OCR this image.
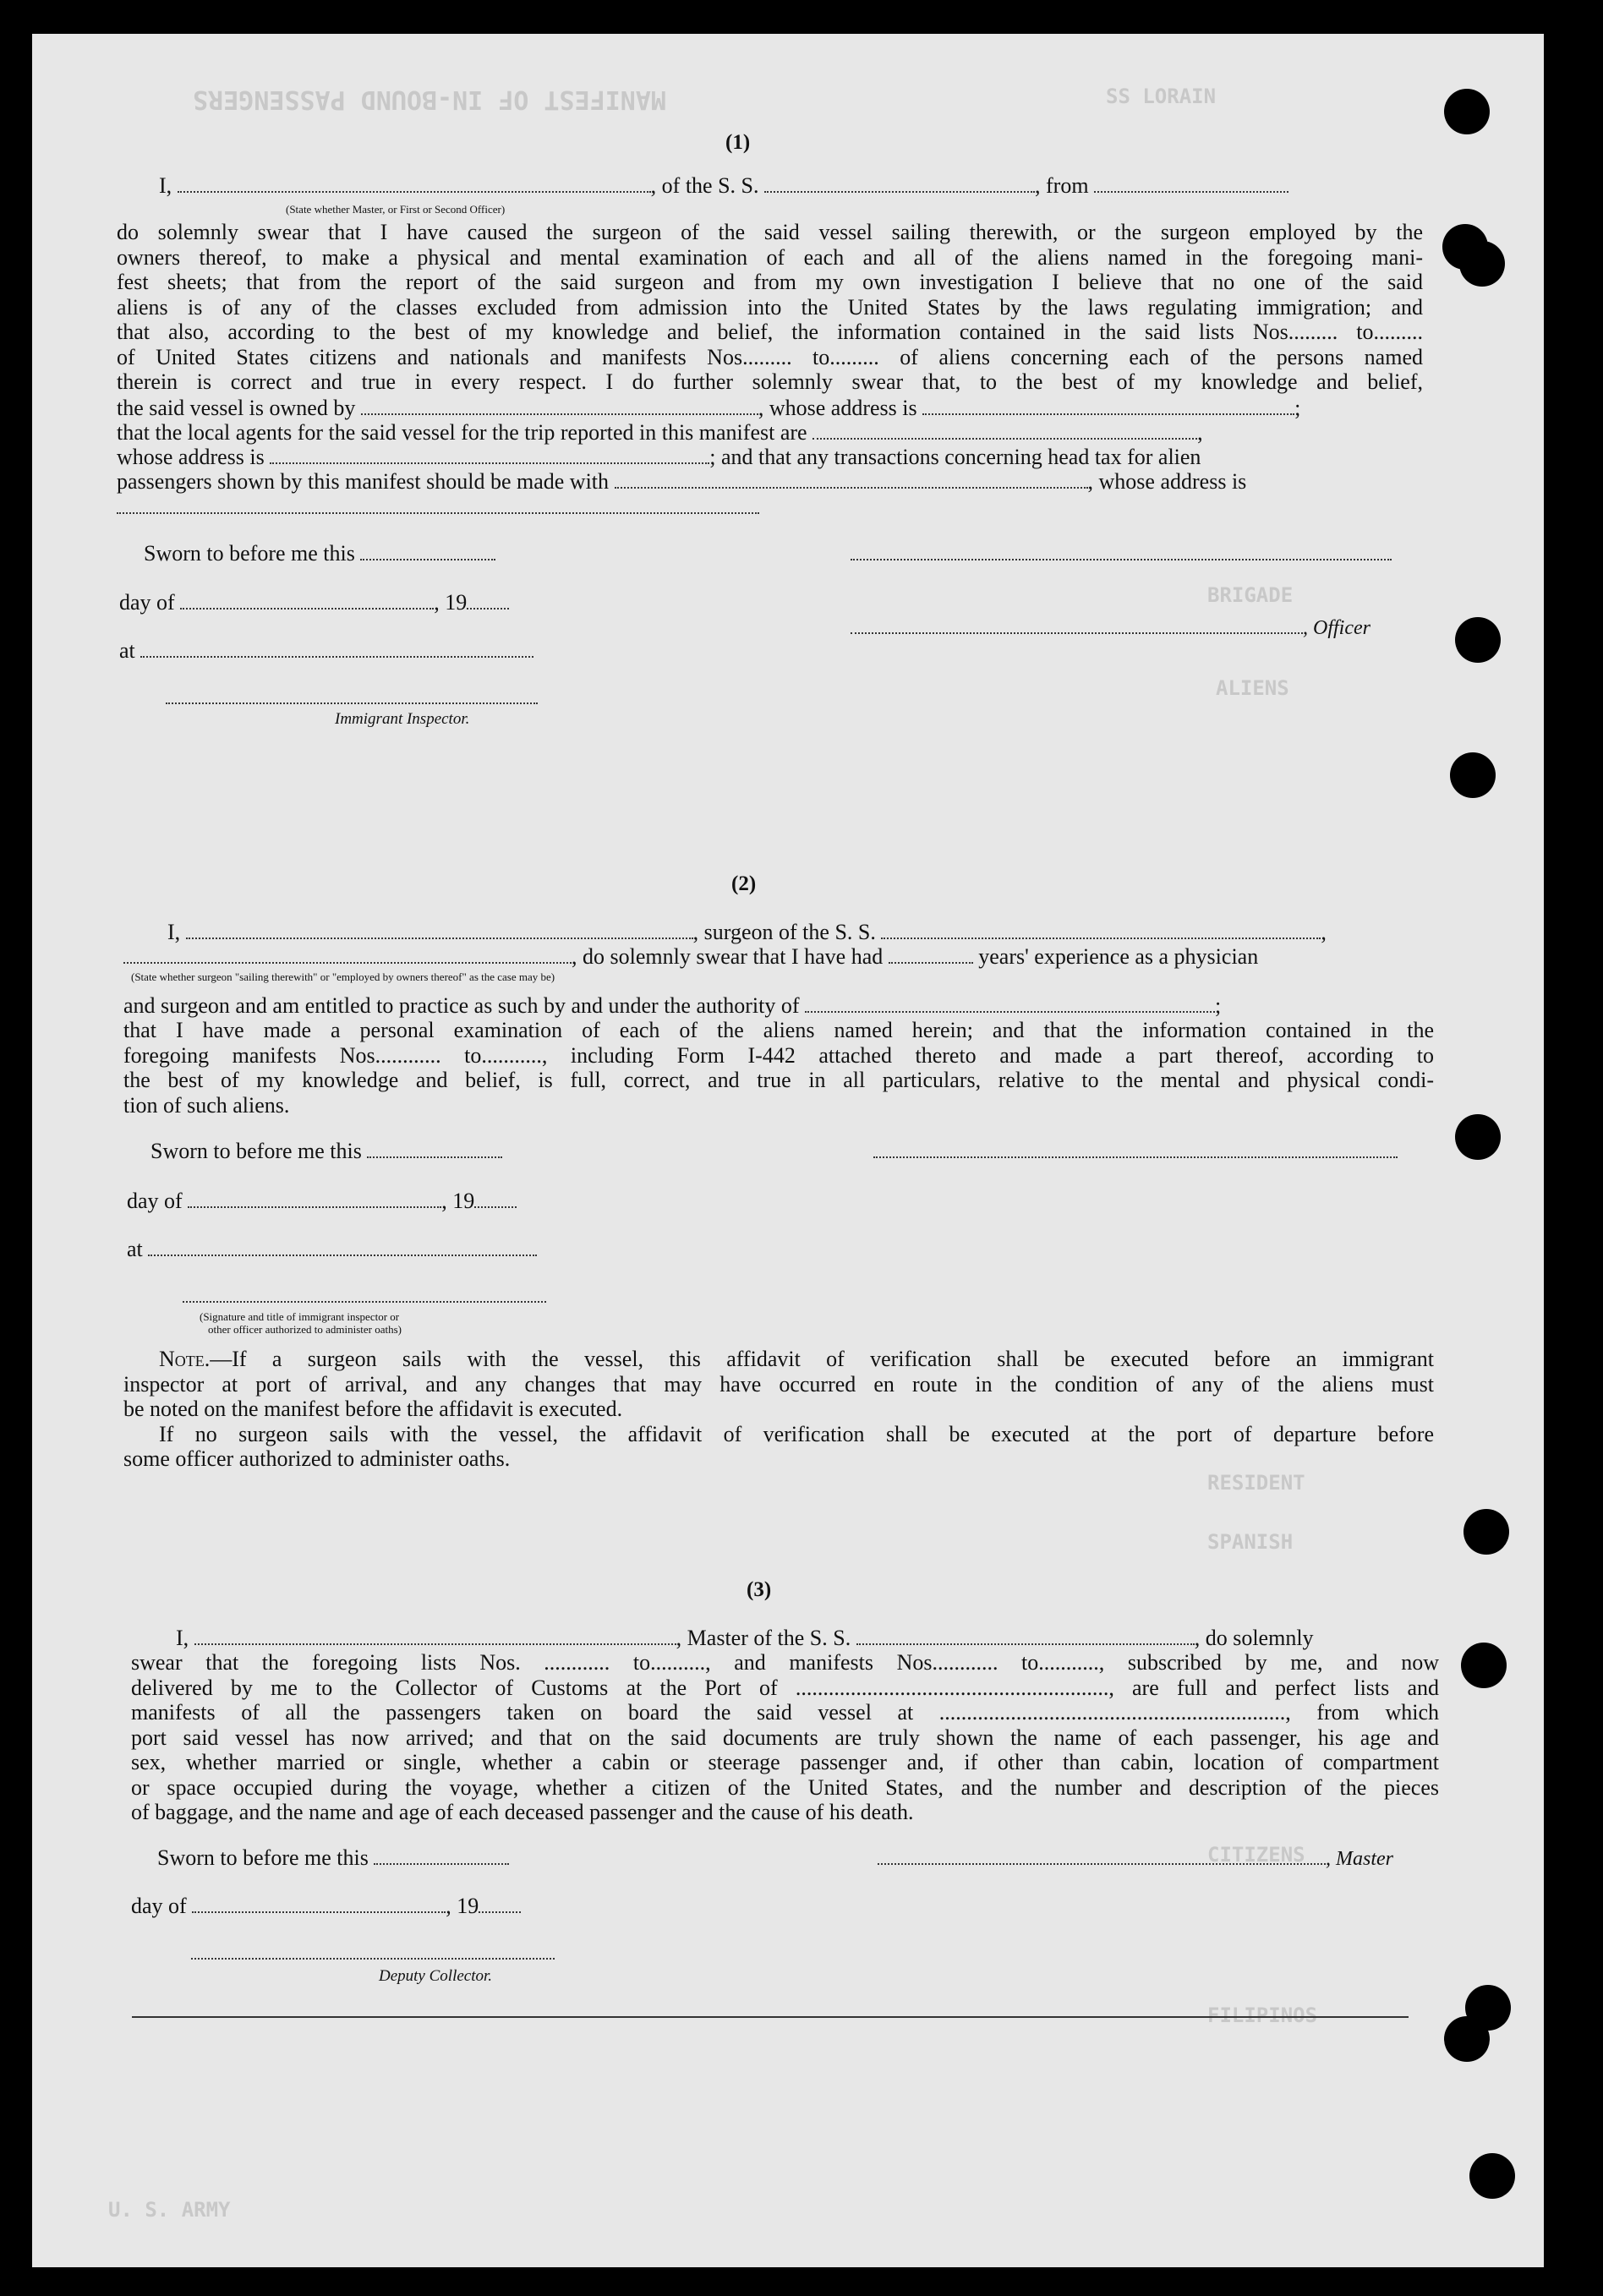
MANIFEST OF IN-BOUND PASSENGERS	SS LORAIN
BRIGADE
ALIENS
RESIDENT
SPANISH
CITIZENS
FILIPINOS
U. S. ARMY
(1)
I,	, of the S. S.	, from
(State whether Master, or First or Second Officer)
do solemnly swear that I have caused the surgeon of the said vessel sailing therewith, or the surgeon employed by the
owners thereof, to make a physical and mental examination of each and all of the aliens named in the foregoing mani-
fest sheets; that from the report of the said surgeon and from my own investigation I believe that no one of the said
aliens is of any of the classes excluded from admission into the United States by the laws regulating immigration; and
that also, according to the best of my knowledge and belief, the information contained in the said lists Nos......... to.........
of United States citizens and nationals and manifests Nos......... to......... of aliens concerning each of the persons named
therein is correct and true in every respect. I do further solemnly swear that, to the best of my knowledge and belief,
the said vessel is owned by	, whose address is	;
that the local agents for the said vessel for the trip reported in this manifest are	,
whose address is	; and that any transactions concerning head tax for alien
passengers shown by this manifest should be made with	, whose address is
Sworn to before me this
day of	, 19
, Officer
at
Immigrant Inspector.
(2)
I,	, surgeon of the S. S.	,
, do solemnly swear that I have had	years' experience as a physician
(State whether surgeon "sailing therewith" or "employed by owners thereof" as the case may be)
and surgeon and am entitled to practice as such by and under the authority of	;
that I have made a personal examination of each of the aliens named herein; and that the information contained in the
foregoing manifests Nos............ to..........., including Form I-442 attached thereto and made a part thereof, according to
the best of my knowledge and belief, is full, correct, and true in all particulars, relative to the mental and physical condi-
tion of such aliens.
Sworn to before me this
day of	, 19
at
(Signature and title of immigrant inspector or
other officer authorized to administer oaths)
Note.—If a surgeon sails with the vessel, this affidavit of verification shall be executed before an immigrant
inspector at port of arrival, and any changes that may have occurred en route in the condition of any of the aliens must
be noted on the manifest before the affidavit is executed.
If no surgeon sails with the vessel, the affidavit of verification shall be executed at the port of departure before
some officer authorized to administer oaths.
(3)
I,	, Master of the S. S.	, do solemnly
swear that the foregoing lists Nos. ............ to.........., and manifests Nos............ to..........., subscribed by me, and now
delivered by me to the Collector of Customs at the Port of ........................................................., are full and perfect lists and
manifests of all the passengers taken on board the said vessel at ..............................................................., from which
port said vessel has now arrived; and that on the said documents are truly shown the name of each passenger, his age and
sex, whether married or single, whether a cabin or steerage passenger and, if other than cabin, location of compartment
or space occupied during the voyage, whether a citizen of the United States, and the number and description of the pieces
of baggage, and the name and age of each deceased passenger and the cause of his death.
Sworn to before me this	, Master
day of	, 19
Deputy Collector.
